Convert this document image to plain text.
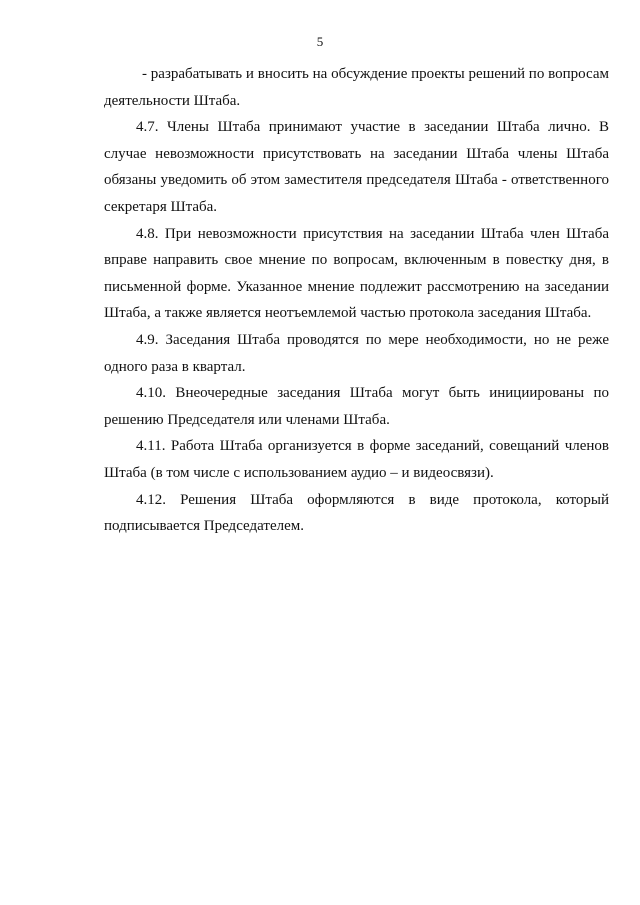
5

- разрабатывать и вносить на обсуждение проекты решений по вопросам деятельности Штаба.

4.7. Члены Штаба принимают участие в заседании Штаба лично. В случае невозможности присутствовать на заседании Штаба члены Штаба обязаны уведомить об этом заместителя председателя Штаба - ответственного секретаря Штаба.

4.8. При невозможности присутствия на заседании Штаба член Штаба вправе направить свое мнение по вопросам, включенным в повестку дня, в письменной форме. Указанное мнение подлежит рассмотрению на заседании Штаба, а также является неотъемлемой частью протокола заседания Штаба.

4.9. Заседания Штаба проводятся по мере необходимости, но не реже одного раза в квартал.

4.10. Внеочередные заседания Штаба могут быть инициированы по решению Председателя или членами Штаба.

4.11. Работа Штаба организуется в форме заседаний, совещаний членов Штаба (в том числе с использованием аудио – и видеосвязи).

4.12. Решения Штаба оформляются в виде протокола, который подписывается Председателем.
